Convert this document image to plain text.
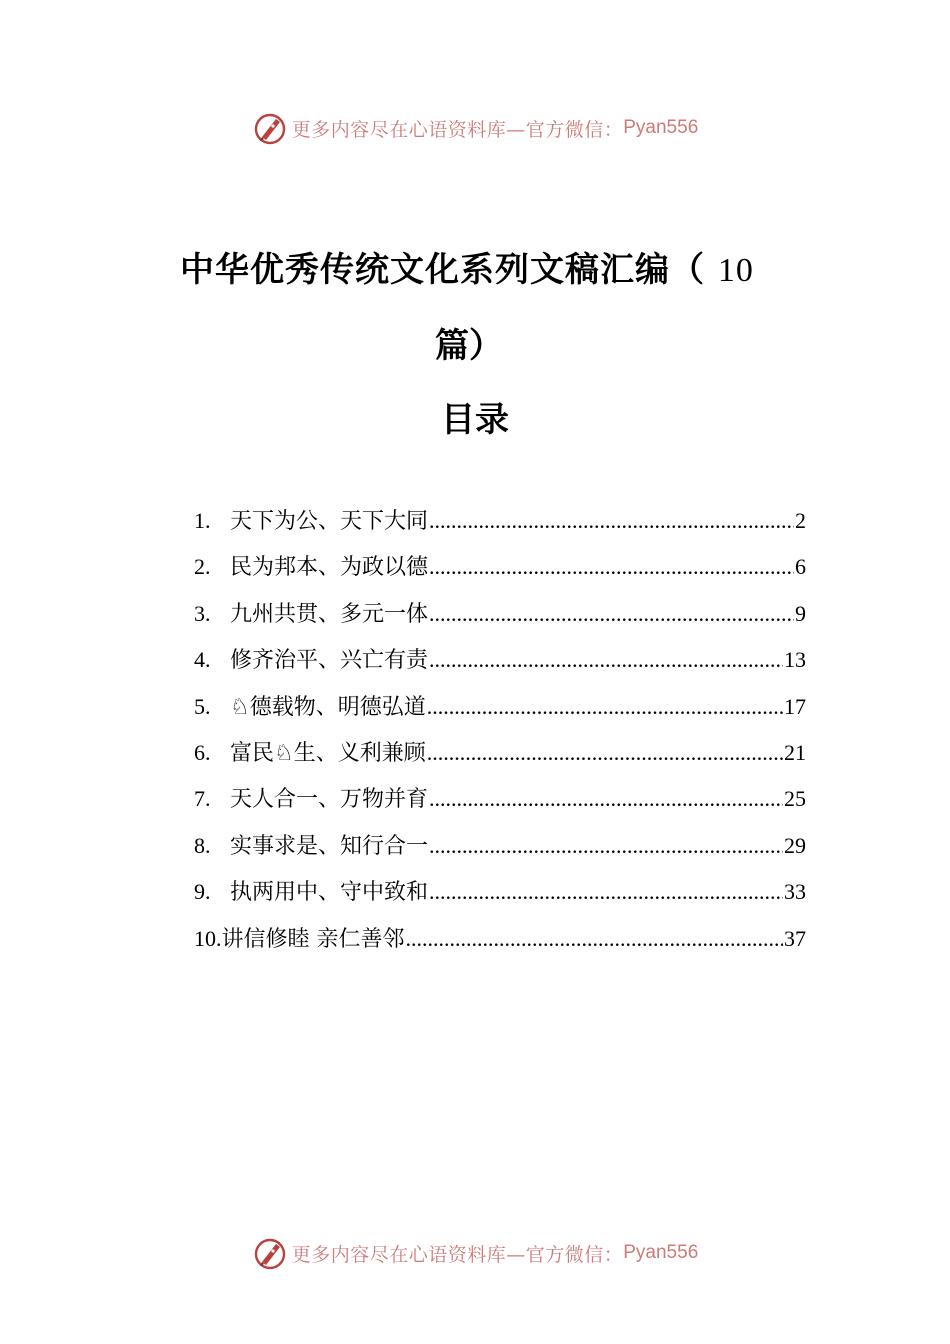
更多内容尽在心语资料库—官方微信： Pyan556
中华优秀传统文化系列文稿汇编（ 10
篇）
目录
1. 天下为公、天下大同 .....	2
2. 民为邦本、为政以德 .....	6
3. 九州共贯、多元一体 .....	9
4. 修齐治平、兴亡有责 .....	13
5. ♘德载物、明德弘道 .....	17
6. 富民♘生、义利兼顾 .....	21
7. 天人合一、万物并育 .....	25
8. 实事求是、知行合一 .....	29
9. 执两用中、守中致和 .....	33
10. 讲信修睦 亲仁善邻 .....	37
更多内容尽在心语资料库—官方微信： Pyan556
